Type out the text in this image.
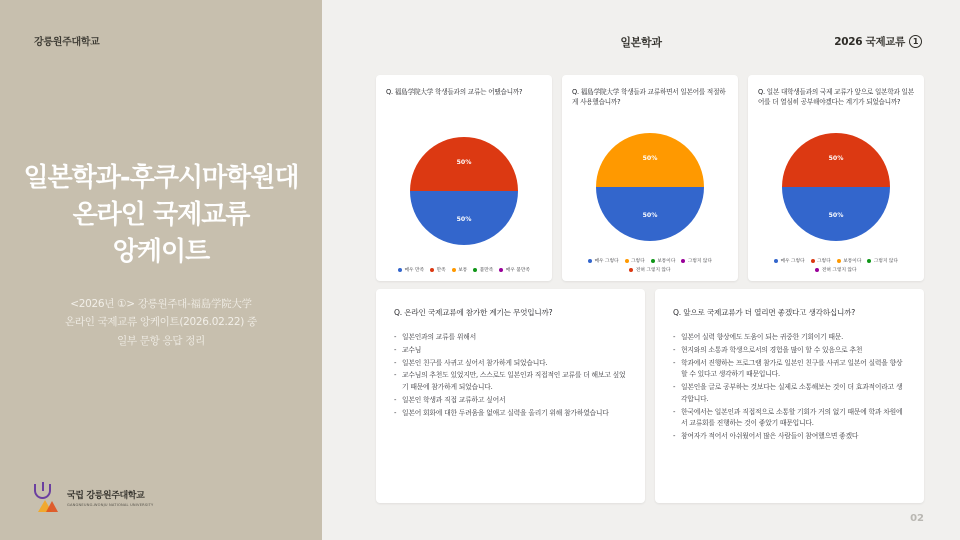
강릉원주대학교
일본학과-후쿠시마학원대
온라인 국제교류
앙케이트
<2026년 ①> 강릉원주대-福島学院大学
온라인 국제교류 앙케이트(2026.02.22) 중
일부 문항 응답 정리
국립 강릉원주대학교
GANGNEUNG-WONJU NATIONAL UNIVERSITY
일본학과	2026 국제교류 1
Q. 福島学院大学 학생들과의 교류는 어땠습니까?
50%
50%
매우 만족	만족	보통	불만족	매우 불만족
Q. 福島学院大学 학생들과 교류하면서 일본어를 적절하게 사용했습니까?
50%
50%
매우 그렇다	그렇다	보통이다	그렇지 않다
전혀 그렇지 않다
Q. 일본 대학생들과의 국제 교류가 앞으로 일본학과 일본어를 더 열심히 공부해야겠다는 계기가 되었습니까?
50%
50%
매우 그렇다	그렇다	보통이다	그렇지 않다
전혀 그렇지 않다
Q. 온라인 국제교류에 참가한 계기는 무엇입니까?
- 일본인과의 교류를 위해서
- 교수님
- 일본인 친구를 사귀고 싶어서 참가하게 되었습니다.
- 교수님의 추천도 있었지만, 스스로도 일본인과 직접적인 교류를 더 해보고 싶었기 때문에 참가하게 되었습니다.
- 일본인 학생과 직접 교류하고 싶어서
- 일본어 회화에 대한 두려움을 없애고 실력을 올리기 위해 참가하였습니다
Q. 앞으로 국제교류가 더 열리면 좋겠다고 생각하십니까?
- 일본어 실력 향상에도 도움이 되는 귀중한 기회이기 때문.
- 현지와의 소통과 학생으로서의 경험을 많이 할 수 있음으로 추천
- 학과에서 진행하는 프로그램 참가로 일본인 친구를 사귀고 일본어 실력을 향상할 수 있다고 생각하기 때문입니다.
- 일본인을 글로 공부하는 것보다는 실제로 소통해보는 것이 더 효과적이라고 생각합니다.
- 한국에서는 일본인과 직접적으로 소통할 기회가 거의 없기 때문에 학과 차원에서 교류회를 진행하는 것이 좋았기 때문입니다.
- 참여자가 적어서 아쉬웠어서 많은 사람들이 참여했으면 좋겠다
02
